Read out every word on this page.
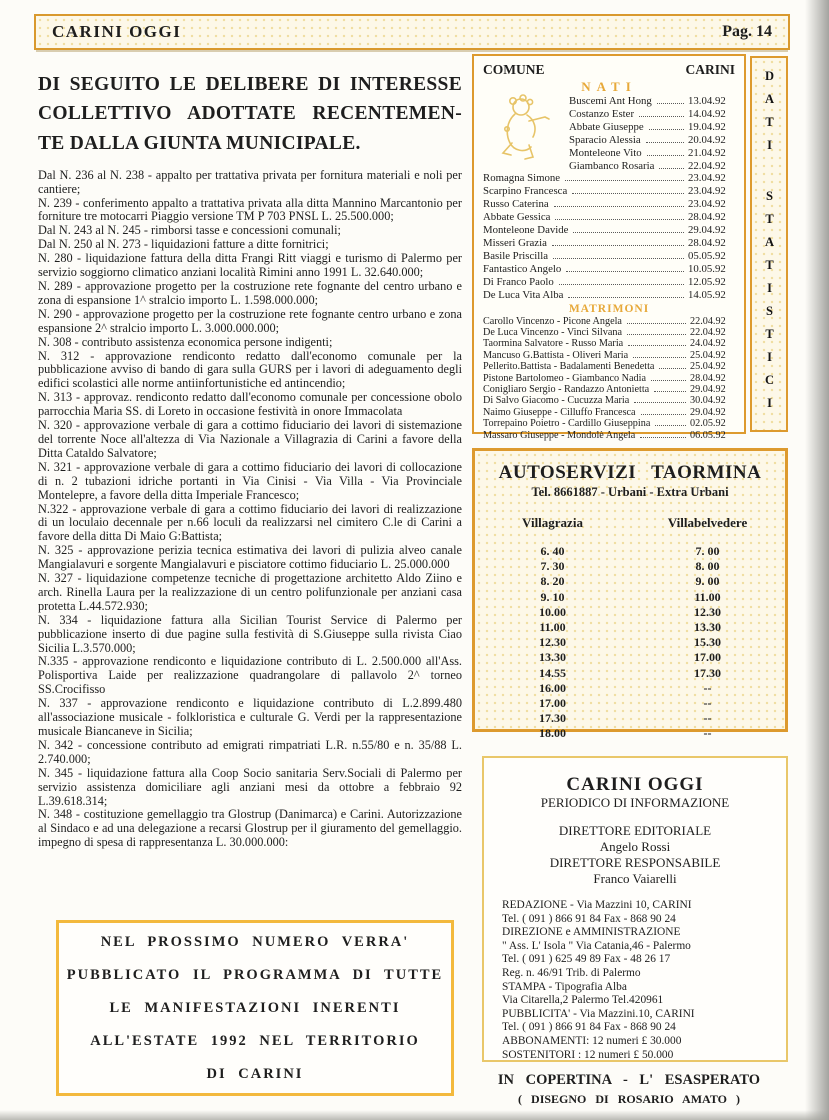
CARINI OGGI	Pag. 14
DI SEGUITO LE DELIBERE DI INTERESSE
COLLETTIVO ADOTTATE RECENTEMEN-
TE DALLA GIUNTA MUNICIPALE.

Dal N. 236 al N. 238 - appalto per trattativa privata per fornitura materiali e noli per cantiere;

N. 239 - conferimento appalto a trattativa privata alla ditta Mannino Marcantonio per forniture tre motocarri Piaggio versione TM P 703 PNSL L. 25.500.000;

Dal N. 243 al N. 245 - rimborsi tasse e concessioni comunali;

Dal N. 250 al N. 273 - liquidazioni fatture a ditte fornitrici;

N. 280 - liquidazione fattura della ditta Frangi Ritt viaggi e turismo di Palermo per servizio soggiorno climatico anziani località Rimini anno 1991 L. 32.640.000;

N. 289 - approvazione progetto per la costruzione rete fognante del centro urbano e zona di espansione 1^ stralcio importo L. 1.598.000.000;

N. 290 - approvazione progetto per la costruzione rete fognante centro urbano e zona espansione 2^ stralcio importo L. 3.000.000.000;

N. 308 - contributo assistenza economica persone indigenti;

N. 312 - approvazione rendiconto redatto dall'economo comunale per la pubblicazione avviso di bando di gara sulla GURS per i lavori di adeguamento degli edifici scolastici alle norme antiinfortunistiche ed antincendio;

N. 313 - approvaz. rendiconto redatto dall'economo comunale per concessione obolo parrocchia Maria SS. di Loreto in occasione festività in onore Immacolata

N. 320 - approvazione verbale di gara a cottimo fiduciario dei lavori di sistemazione del torrente Noce all'altezza di Via Nazionale a Villagrazia di Carini a favore della Ditta Cataldo Salvatore;

N. 321 - approvazione verbale di gara a cottimo fiduciario dei lavori di collocazione di n. 2 tubazioni idriche portanti in Via Cinisi - Via Villa - Via Provinciale Montelepre, a favore della ditta Imperiale Francesco;

N.322 - approvazione verbale di gara a cottimo fiduciario dei lavori di realizzazione di un loculaio decennale per n.66 loculi da realizzarsi nel cimitero C.le di Carini a favore della ditta Di Maio G:Battista;

N. 325 - approvazione perizia tecnica estimativa dei lavori di pulizia alveo canale Mangialavuri e sorgente Mangialavuri e pisciatore cottimo fiduciario L. 25.000.000

N. 327 - liquidazione competenze tecniche di progettazione architetto Aldo Ziino e arch. Rinella Laura per la realizzazione di un centro polifunzionale per anziani casa protetta L.44.572.930;

N. 334 - liquidazione fattura alla Sicilian Tourist Service di Palermo per pubblicazione inserto di due pagine sulla festività di S.Giuseppe sulla rivista Ciao Sicilia L.3.570.000;

N.335 - approvazione rendiconto e liquidazione contributo di L. 2.500.000 all'Ass. Polisportiva Laide per realizzazione quadrangolare di pallavolo 2^ torneo SS.Crocifisso

N. 337 - approvazione rendiconto e liquidazione contributo di L.2.899.480 all'associazione musicale - folkloristica e culturale G. Verdi per la rappresentazione musicale Biancaneve in Sicilia;

N. 342 - concessione contributo ad emigrati rimpatriati L.R. n.55/80 e n. 35/88 L. 2.740.000;

N. 345 - liquidazione fattura alla Coop Socio sanitaria Serv.Sociali di Palermo per servizio assistenza domiciliare agli anziani mesi da ottobre a febbraio 92 L.39.618.314;

N. 348 - costituzione gemellaggio tra Glostrup (Danimarca) e Carini. Autorizzazione al Sindaco e ad una delegazione a recarsi Glostrup per il giuramento del gemellaggio. impegno di spesa di rappresentanza L. 30.000.000:

NEL PROSSIMO NUMERO VERRA'
PUBBLICATO IL PROGRAMMA DI TUTTE
LE MANIFESTAZIONI INERENTI
ALL'ESTATE 1992 NEL TERRITORIO
DI CARINI
COMUNE	CARINI
NATI
Buscemi Ant Hong	13.04.92
Costanzo Ester	14.04.92
Abbate Giuseppe	19.04.92
Sparacio Alessia	20.04.92
Monteleone Vito	21.04.92
Giambanco Rosaria	22.04.92
Romagna Simone	23.04.92
Scarpino Francesca	23.04.92
Russo Caterina	23.04.92
Abbate Gessica	28.04.92
Monteleone Davide	29.04.92
Misseri Grazia	28.04.92
Basile Priscilla	05.05.92
Fantastico Angelo	10.05.92
Di Franco Paolo	12.05.92
De Luca Vita Alba	14.05.92
MATRIMONI
Carollo Vincenzo - Picone Angela	22.04.92
De Luca Vincenzo - Vinci Silvana	22.04.92
Taormina Salvatore - Russo Maria	24.04.92
Mancuso G.Battista - Oliveri Maria	25.04.92
Pellerito.Battista - Badalamenti Benedetta	25.04.92
Pistone Bartolomeo - Giambanco Nadia	28.04.92
Conigliaro Sergio - Randazzo Antonietta	29.04.92
Di Salvo Giacomo - Cucuzza Maria	30.04.92
Naimo Giuseppe - Cilluffo Francesca	29.04.92
Torrepaino Poietro - Cardillo Giuseppina	02.05.92
Massaro Giuseppe - Mondolè Angela	06.05.92
DATI
STATISTICI
AUTOSERVIZI TAORMINA
Tel. 8661887 - Urbani - Extra Urbani
Villagrazia	Villabelvedere
6. 40	7. 00
7. 30	8. 00
8. 20	9. 00
9. 10	11.00
10.00	12.30
11.00	13.30
12.30	15.30
13.30	17.00
14.55	17.30
16.00	--
17.00	--
17.30	--
18.00	--
CARINI OGGI
PERIODICO DI INFORMAZIONE
DIRETTORE EDITORIALE
Angelo Rossi
DIRETTORE RESPONSABILE
Franco Vaiarelli
REDAZIONE - Via Mazzini 10, CARINI
Tel. ( 091 ) 866 91 84 Fax - 868 90 24
DIREZIONE e AMMINISTRAZIONE
" Ass. L' Isola " Via Catania,46 - Palermo
Tel. ( 091 ) 625 49 89 Fax - 48 26 17
Reg. n. 46/91 Trib. di Palermo
STAMPA - Tipografia Alba
Via Citarella,2 Palermo Tel.420961
PUBBLICITA' - Via Mazzini.10, CARINI
Tel. ( 091 ) 866 91 84 Fax - 868 90 24
ABBONAMENTI: 12 numeri £ 30.000
SOSTENITORI : 12 numeri £ 50.000
IN COPERTINA - L' ESASPERATO
( DISEGNO DI ROSARIO AMATO )
